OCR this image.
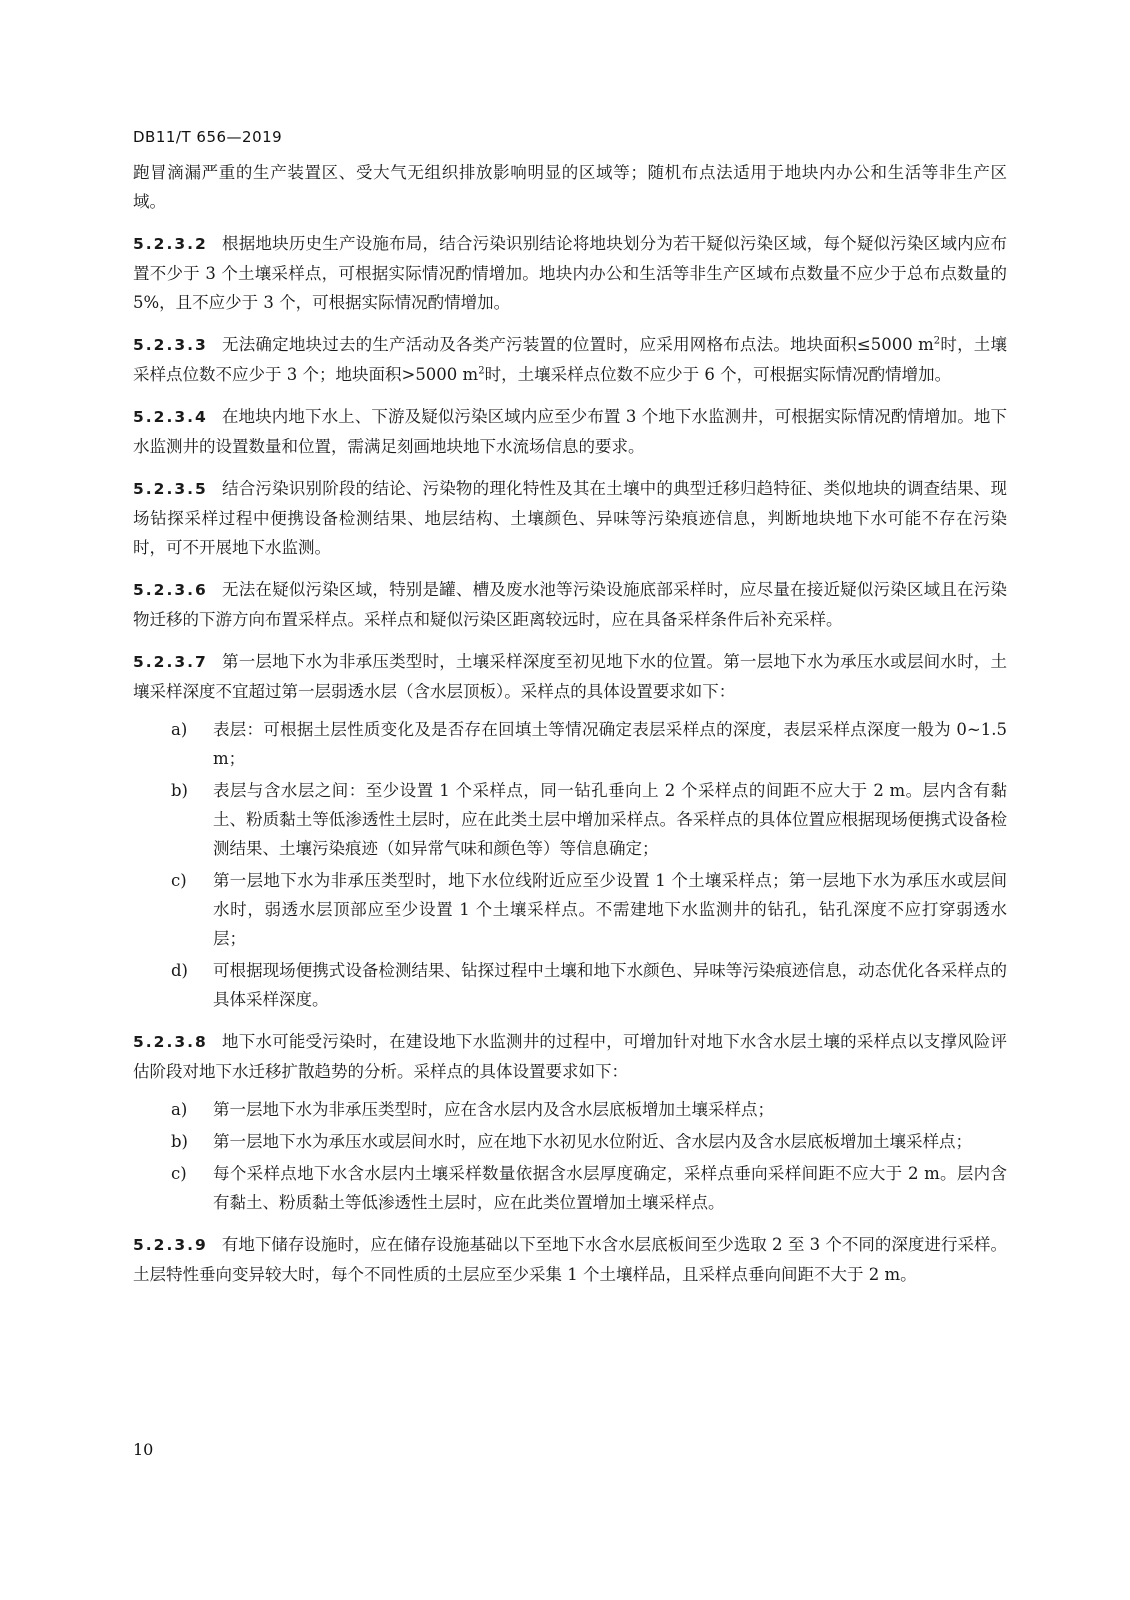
DB11/T 656—2019

跑冒滴漏严重的生产装置区、受大气无组织排放影响明显的区域等；随机布点法适用于地块内办公和生活等非生产区域。

5.2.3.2 根据地块历史生产设施布局，结合污染识别结论将地块划分为若干疑似污染区域，每个疑似污染区域内应布置不少于 3 个土壤采样点，可根据实际情况酌情增加。地块内办公和生活等非生产区域布点数量不应少于总布点数量的 5%，且不应少于 3 个，可根据实际情况酌情增加。

5.2.3.3 无法确定地块过去的生产活动及各类产污装置的位置时，应采用网格布点法。地块面积≤5000 $m^2$时，土壤采样点位数不应少于 3 个；地块面积>5000 $m^2$时，土壤采样点位数不应少于 6 个，可根据实际情况酌情增加。

5.2.3.4 在地块内地下水上、下游及疑似污染区域内应至少布置 3 个地下水监测井，可根据实际情况酌情增加。地下水监测井的设置数量和位置，需满足刻画地块地下水流场信息的要求。

5.2.3.5 结合污染识别阶段的结论、污染物的理化特性及其在土壤中的典型迁移归趋特征、类似地块的调查结果、现场钻探采样过程中便携设备检测结果、地层结构、土壤颜色、异味等污染痕迹信息，判断地块地下水可能不存在污染时，可不开展地下水监测。

5.2.3.6 无法在疑似污染区域，特别是罐、槽及废水池等污染设施底部采样时，应尽量在接近疑似污染区域且在污染物迁移的下游方向布置采样点。采样点和疑似污染区距离较远时，应在具备采样条件后补充采样。

5.2.3.7 第一层地下水为非承压类型时，土壤采样深度至初见地下水的位置。第一层地下水为承压水或层间水时，土壤采样深度不宜超过第一层弱透水层（含水层顶板）。采样点的具体设置要求如下：

a)	表层：可根据土层性质变化及是否存在回填土等情况确定表层采样点的深度，表层采样点深度一般为 0~1.5 m；
b)	表层与含水层之间：至少设置 1 个采样点，同一钻孔垂向上 2 个采样点的间距不应大于 2 m。层内含有黏土、粉质黏土等低渗透性土层时，应在此类土层中增加采样点。各采样点的具体位置应根据现场便携式设备检测结果、土壤污染痕迹（如异常气味和颜色等）等信息确定；
c)	第一层地下水为非承压类型时，地下水位线附近应至少设置 1 个土壤采样点；第一层地下水为承压水或层间水时，弱透水层顶部应至少设置 1 个土壤采样点。不需建地下水监测井的钻孔，钻孔深度不应打穿弱透水层；
d)	可根据现场便携式设备检测结果、钻探过程中土壤和地下水颜色、异味等污染痕迹信息，动态优化各采样点的具体采样深度。

5.2.3.8 地下水可能受污染时，在建设地下水监测井的过程中，可增加针对地下水含水层土壤的采样点以支撑风险评估阶段对地下水迁移扩散趋势的分析。采样点的具体设置要求如下：

a)	第一层地下水为非承压类型时，应在含水层内及含水层底板增加土壤采样点；
b)	第一层地下水为承压水或层间水时，应在地下水初见水位附近、含水层内及含水层底板增加土壤采样点；
c)	每个采样点地下水含水层内土壤采样数量依据含水层厚度确定，采样点垂向采样间距不应大于 2 m。层内含有黏土、粉质黏土等低渗透性土层时，应在此类位置增加土壤采样点。

5.2.3.9 有地下储存设施时，应在储存设施基础以下至地下水含水层底板间至少选取 2 至 3 个不同的深度进行采样。土层特性垂向变异较大时，每个不同性质的土层应至少采集 1 个土壤样品，且采样点垂向间距不大于 2 m。

10
